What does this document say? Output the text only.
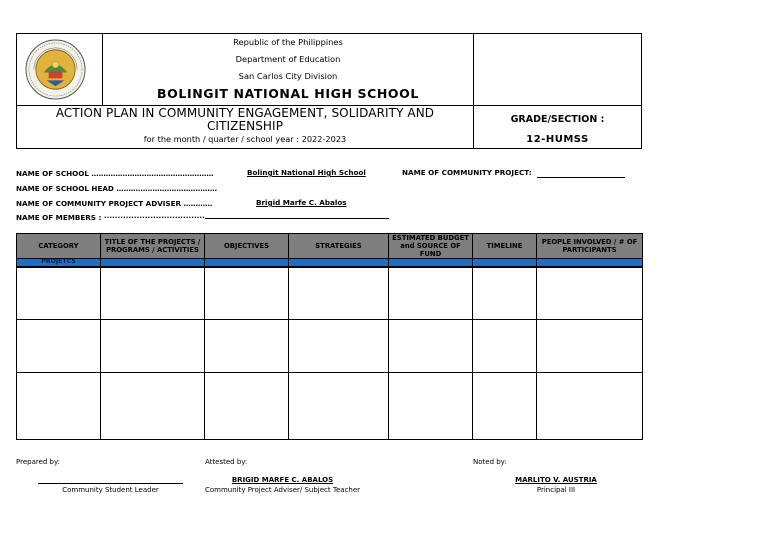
Republic of the Philippines
Department of Education
San Carlos City Division
BOLINGIT NATIONAL HIGH SCHOOL
ACTION PLAN IN COMMUNITY ENGAGEMENT, SOLIDARITY AND CITIZENSHIP
for the month / quarter / school year : 2022-2023
GRADE/SECTION :
12-HUMSS
NAME OF SCHOOL ……………………………………………	Bolingit National High School	NAME OF COMMUNITY PROJECT:
NAME OF SCHOOL HEAD ……………………………………
NAME OF COMMUNITY PROJECT ADVISER …………	Brigid Marfe C. Abalos
NAME OF MEMBERS : ·····································
CATEGORY	TITLE OF THE PROJECTS / PROGRAMS / ACTIVITIES	OBJECTIVES	STRATEGIES	ESTIMATED BUDGET and SOURCE OF FUND	TIMELINE	PEOPLE INVOLVED / # OF PARTICIPANTS
PROJETCS						

Prepared by:
Community Student Leader
Attested by:
BRIGID MARFE C. ABALOS
Community Project Adviser/ Subject Teacher
Noted by:
MARLITO V. AUSTRIA
Principal III
